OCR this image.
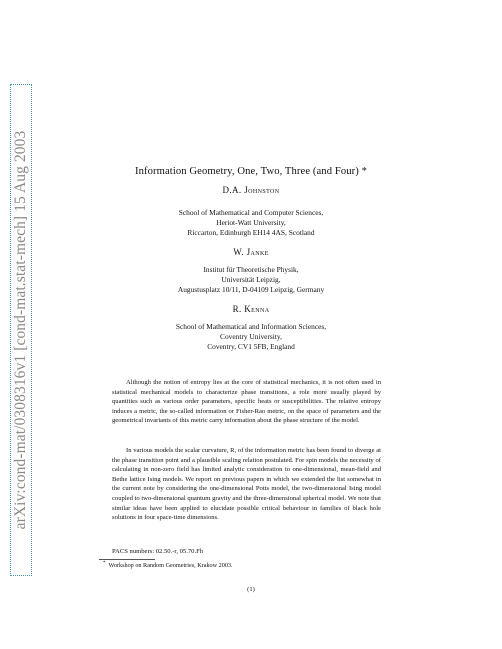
arXiv:cond-mat/0308316v1 [cond-mat.stat-mech] 15 Aug 2003	Information Geometry, One, Two, Three (and Four) *
D.A. Johnston
School of Mathematical and Computer Sciences,
Heriot-Watt University,
Riccarton, Edinburgh EH14 4AS, Scotland
W. Janke
Institut für Theoretische Physik,
Universität Leipzig,
Augustusplatz 10/11, D-04109 Leipzig, Germany
R. Kenna
School of Mathematical and Information Sciences,
Coventry University,
Coventry, CV1 5FB, England

Although the notion of entropy lies at the core of statistical mechanics, it is not often used in statistical mechanical models to characterize phase transitions, a role more usually played by quantities such as various order parameters, specific heats or susceptibilities. The relative entropy induces a metric, the so-called information or Fisher-Rao metric, on the space of parameters and the geometrical invariants of this metric carry information about the phase structure of the model.

In various models the scalar curvature, R, of the information metric has been found to diverge at the phase transition point and a plausible scaling relation postulated. For spin models the necessity of calculating in non-zero field has limited analytic consideration to one-dimensional, mean-field and Bethe lattice Ising models. We report on previous papers in which we extended the list somewhat in the current note by considering the one-dimensional Potts model, the two-dimensional Ising model coupled to two-dimensional quantum gravity and the three-dimensional spherical model. We note that similar ideas have been applied to elucidate possible critical behaviour in families of black hole solutions in four space-time dimensions.

PACS numbers: 02.50.-r, 05.70.Fh
* Workshop on Random Geometries, Krakow 2003.
(1)
